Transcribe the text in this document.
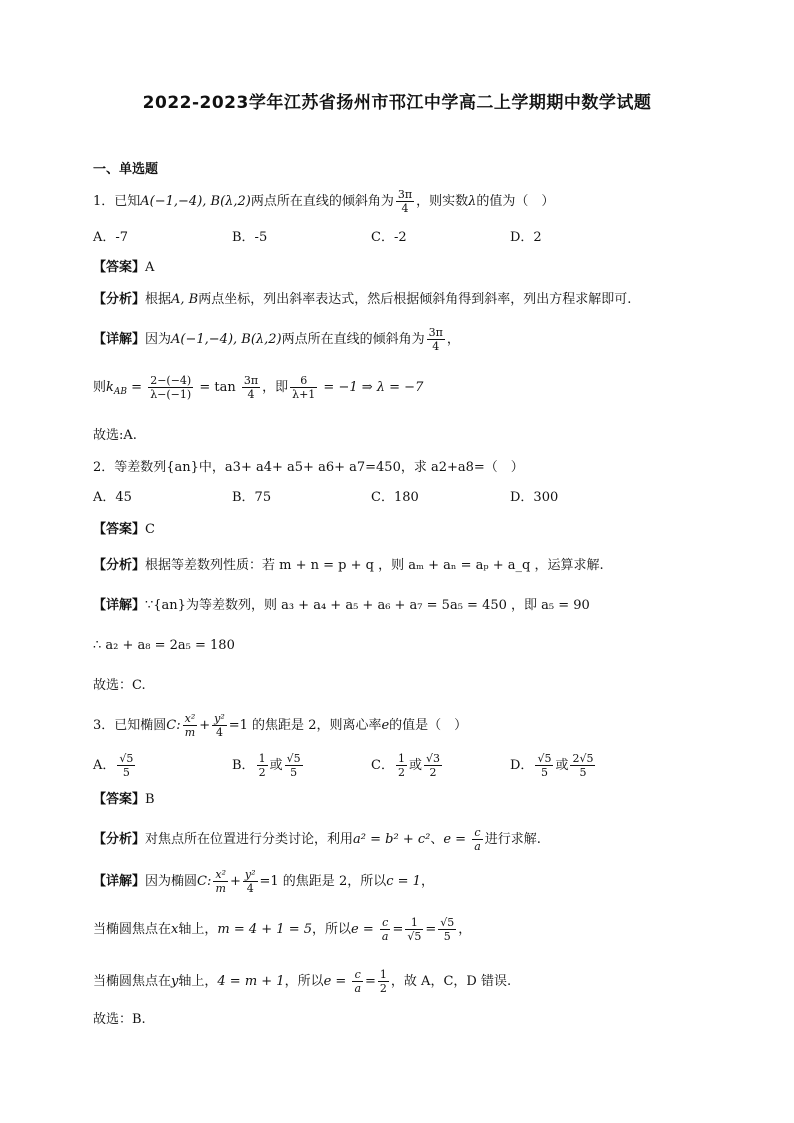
2022-2023学年江苏省扬州市邗江中学高二上学期期中数学试题
一、单选题
1．已知A(−1,−4), B(λ,2)两点所在直线的倾斜角为 $\frac{3\pi}{4}$ ，则实数λ的值为（　）
A．-7	B．-5	C．-2	D．2
【答案】A
【分析】根据A, B两点坐标，列出斜率表达式，然后根据倾斜角得到斜率，列出方程求解即可.
【详解】因为A(−1,−4), B(λ,2)两点所在直线的倾斜角为 $\frac{3\pi}{4}$ ，
则$k_{AB} = \frac{2-(-4)}{\lambda-(-1)} = \tan \frac{3\pi}{4}$ ，即 $\frac{6}{\lambda+1} = -1$ ⇒ λ = −7
故选:A.
2．等差数列{an}中，a3+ a4+ a5+ a6+ a7=450，求 a2+a8=（　）
A．45	B．75	C．180	D．300
【答案】C
【分析】根据等差数列性质：若 m + n = p + q ，则 aₘ + aₙ = aₚ + a_q ，运算求解.
【详解】∵{an}为等差数列，则 a₃ + a₄ + a₅ + a₆ + a₇ = 5a₅ = 450 ，即 a₅ = 90
∴ a₂ + a₈ = 2a₅ = 180
故选：C.
3．已知椭圆C: $\frac{\text{x²}}{m} + \frac{\text{y²}}{4} =1$ 的焦距是 2，则离心率e的值是（　）
A． $\frac{√5}{5}$	B． $\frac{1}{2}$ 或 $\frac{√5}{5}$	C． $\frac{1}{2}$ 或 $\frac{√3}{2}$	D． $\frac{√5}{5}$ 或 $\frac{2√5}{5}$
【答案】B
【分析】对焦点所在位置进行分类讨论，利用a² = b² + c²、$e = \frac{c}{a}$ 进行求解.
【详解】因为椭圆C: $\frac{\text{x²}}{m} + \frac{\text{y²}}{4} =1$ 的焦距是 2，所以c = 1，
当椭圆焦点在x轴上，m = 4 + 1 = 5，所以$e = \frac{c}{a} = \frac{1}{√5} = \frac{√5}{5}$ ，
当椭圆焦点在y轴上，4 = m + 1，所以$e = \frac{c}{a} = \frac{1}{2}$ ，故 A，C，D 错误.
故选：B.
